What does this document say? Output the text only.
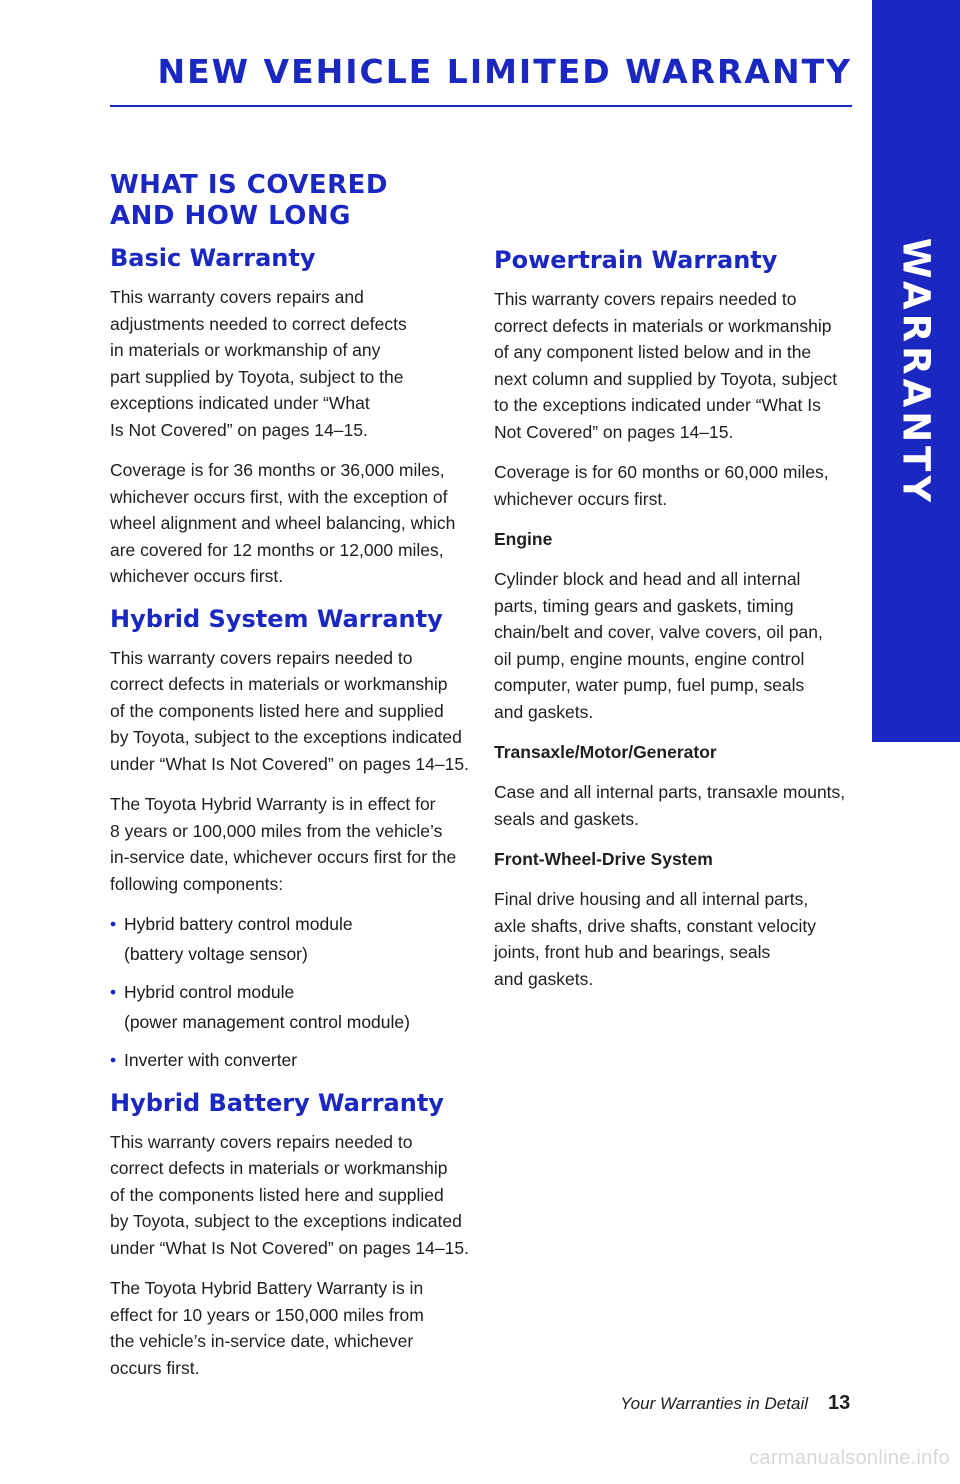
WARRANTY
NEW VEHICLE LIMITED WARRANTY
WHAT IS COVERED
AND HOW LONG
Basic Warranty

This warranty covers repairs and
adjustments needed to correct defects
in materials or workmanship of any
part supplied by Toyota, subject to the
exceptions indicated under “What
Is Not Covered” on pages 14–15.

Coverage is for 36 months or 36,000 miles,
whichever occurs first, with the exception of
wheel alignment and wheel balancing, which
are covered for 12 months or 12,000 miles,
whichever occurs first.

Hybrid System Warranty

This warranty covers repairs needed to
correct defects in materials or workmanship
of the components listed here and supplied
by Toyota, subject to the exceptions indicated
under “What Is Not Covered” on pages 14–15.

The Toyota Hybrid Warranty is in effect for
8 years or 100,000 miles from the vehicle’s
in-service date, whichever occurs first for the
following components:

• Hybrid battery control module
(battery voltage sensor)
• Hybrid control module
(power management control module)
• Inverter with converter
Hybrid Battery Warranty

This warranty covers repairs needed to
correct defects in materials or workmanship
of the components listed here and supplied
by Toyota, subject to the exceptions indicated
under “What Is Not Covered” on pages 14–15.

The Toyota Hybrid Battery Warranty is in
effect for 10 years or 150,000 miles from
the vehicle’s in-service date, whichever
occurs first.

Powertrain Warranty

This warranty covers repairs needed to
correct defects in materials or workmanship
of any component listed below and in the
next column and supplied by Toyota, subject
to the exceptions indicated under “What Is
Not Covered” on pages 14–15.

Coverage is for 60 months or 60,000 miles,
whichever occurs first.

Engine

Cylinder block and head and all internal
parts, timing gears and gaskets, timing
chain/belt and cover, valve covers, oil pan,
oil pump, engine mounts, engine control
computer, water pump, fuel pump, seals
and gaskets.

Transaxle/Motor/Generator

Case and all internal parts, transaxle mounts,
seals and gaskets.

Front-Wheel-Drive System

Final drive housing and all internal parts,
axle shafts, drive shafts, constant velocity
joints, front hub and bearings, seals
and gaskets.

Your Warranties in Detail 13
carmanualsonline.info
